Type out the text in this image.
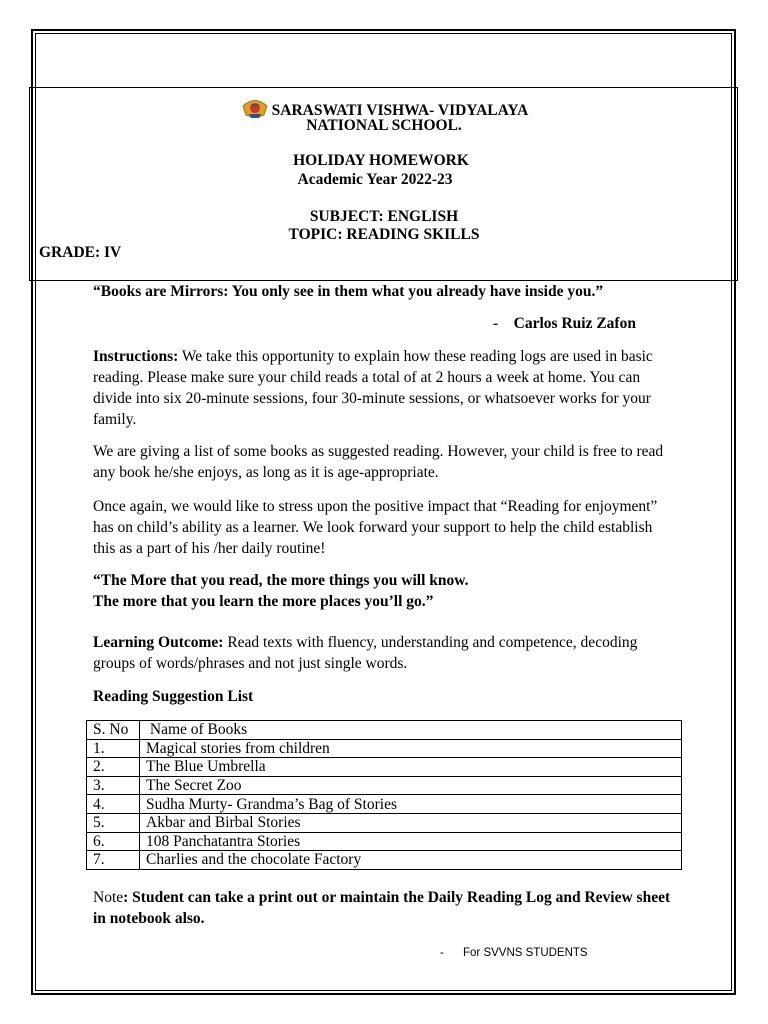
SARASWATI VISHWA- VIDYALAYA
NATIONAL SCHOOL.
HOLIDAY HOMEWORK
Academic Year 2022-23
SUBJECT: ENGLISH
TOPIC: READING SKILLS
GRADE: IV
“Books are Mirrors: You only see in them what you already have inside you.”
-    Carlos Ruiz Zafon

Instructions: We take this opportunity to explain how these reading logs are used in basic reading. Please make sure your child reads a total of at 2 hours a week at home. You can divide into six 20-minute sessions, four 30-minute sessions, or whatsoever works for your family.

We are giving a list of some books as suggested reading. However, your child is free to read any book he/she enjoys, as long as it is age-appropriate.
Once again, we would like to stress upon the positive impact that “Reading for enjoyment” has on child’s ability as a learner. We look forward your support to help the child establish this as a part of his /her daily routine!

“The More that you read, the more things you will know.

The more that you learn the more places you’ll go.”

Learning Outcome: Read texts with fluency, understanding and competence, decoding groups of words/phrases and not just single words.

Reading Suggestion List
S. No	Name of Books
1.	Magical stories from children
2.	The Blue Umbrella
3.	The Secret Zoo
4.	Sudha Murty- Grandma’s Bag of Stories
5.	Akbar and Birbal Stories
6.	108 Panchatantra Stories
7.	Charlies and the chocolate Factory

Note: Student can take a print out or maintain the Daily Reading Log and Review sheet in notebook also.

-      For SVVNS STUDENTS
